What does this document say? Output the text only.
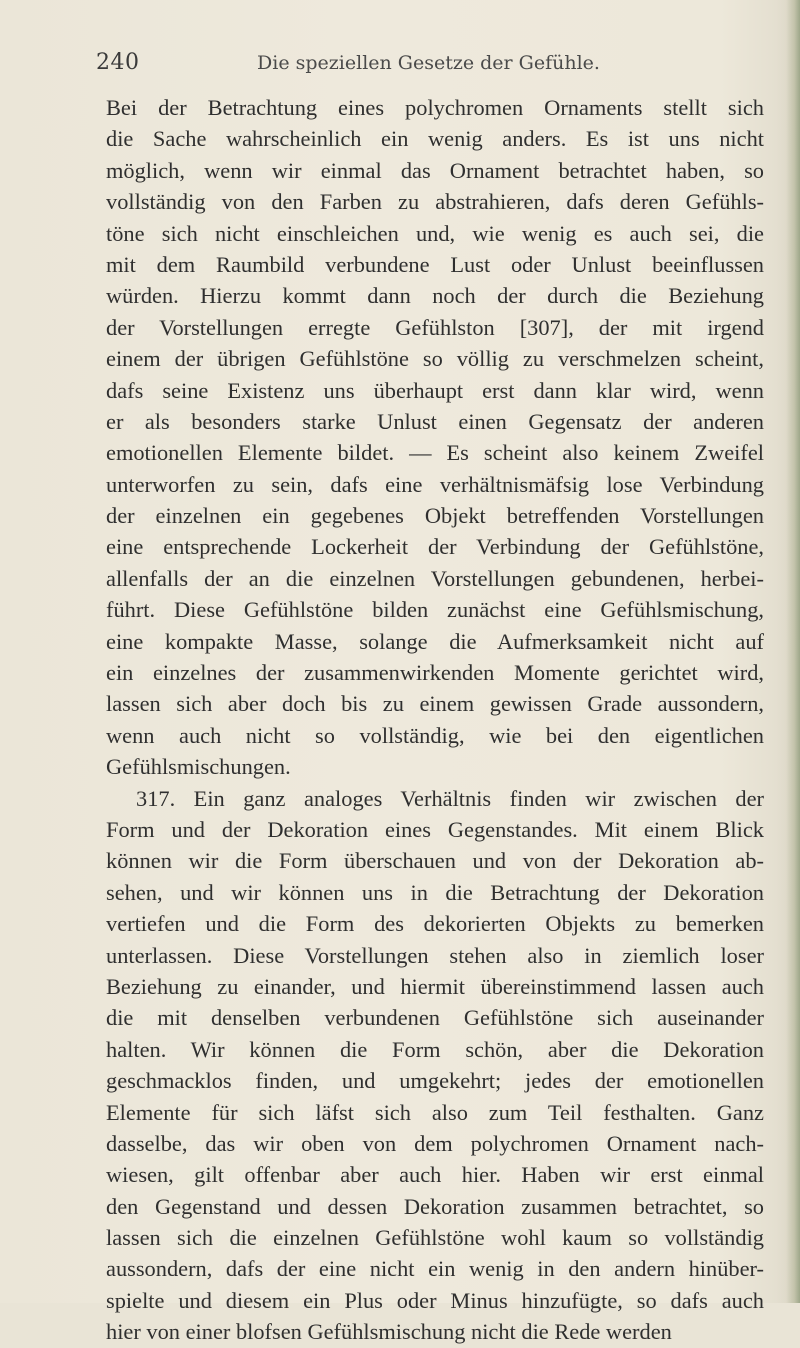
240	Die speziellen Gesetze der Gefühle.
Bei der Betrachtung eines polychromen Ornaments stellt sich
die Sache wahrscheinlich ein wenig anders. Es ist uns nicht
möglich, wenn wir einmal das Ornament betrachtet haben, so
vollständig von den Farben zu abstrahieren, dafs deren Gefühls-
töne sich nicht einschleichen und, wie wenig es auch sei, die
mit dem Raumbild verbundene Lust oder Unlust beeinflussen
würden. Hierzu kommt dann noch der durch die Beziehung
der Vorstellungen erregte Gefühlston [307], der mit irgend
einem der übrigen Gefühlstöne so völlig zu verschmelzen scheint,
dafs seine Existenz uns überhaupt erst dann klar wird, wenn
er als besonders starke Unlust einen Gegensatz der anderen
emotionellen Elemente bildet. — Es scheint also keinem Zweifel
unterworfen zu sein, dafs eine verhältnismäfsig lose Verbindung
der einzelnen ein gegebenes Objekt betreffenden Vorstellungen
eine entsprechende Lockerheit der Verbindung der Gefühlstöne,
allenfalls der an die einzelnen Vorstellungen gebundenen, herbei-
führt. Diese Gefühlstöne bilden zunächst eine Gefühlsmischung,
eine kompakte Masse, solange die Aufmerksamkeit nicht auf
ein einzelnes der zusammenwirkenden Momente gerichtet wird,
lassen sich aber doch bis zu einem gewissen Grade aussondern,
wenn auch nicht so vollständig, wie bei den eigentlichen
Gefühlsmischungen.
317. Ein ganz analoges Verhältnis finden wir zwischen der
Form und der Dekoration eines Gegenstandes. Mit einem Blick
können wir die Form überschauen und von der Dekoration ab-
sehen, und wir können uns in die Betrachtung der Dekoration
vertiefen und die Form des dekorierten Objekts zu bemerken
unterlassen. Diese Vorstellungen stehen also in ziemlich loser
Beziehung zu einander, und hiermit übereinstimmend lassen auch
die mit denselben verbundenen Gefühlstöne sich auseinander
halten. Wir können die Form schön, aber die Dekoration
geschmacklos finden, und umgekehrt; jedes der emotionellen
Elemente für sich läfst sich also zum Teil festhalten. Ganz
dasselbe, das wir oben von dem polychromen Ornament nach-
wiesen, gilt offenbar aber auch hier. Haben wir erst einmal
den Gegenstand und dessen Dekoration zusammen betrachtet, so
lassen sich die einzelnen Gefühlstöne wohl kaum so vollständig
aussondern, dafs der eine nicht ein wenig in den andern hinüber-
spielte und diesem ein Plus oder Minus hinzufügte, so dafs auch
hier von einer blofsen Gefühlsmischung nicht die Rede werden
